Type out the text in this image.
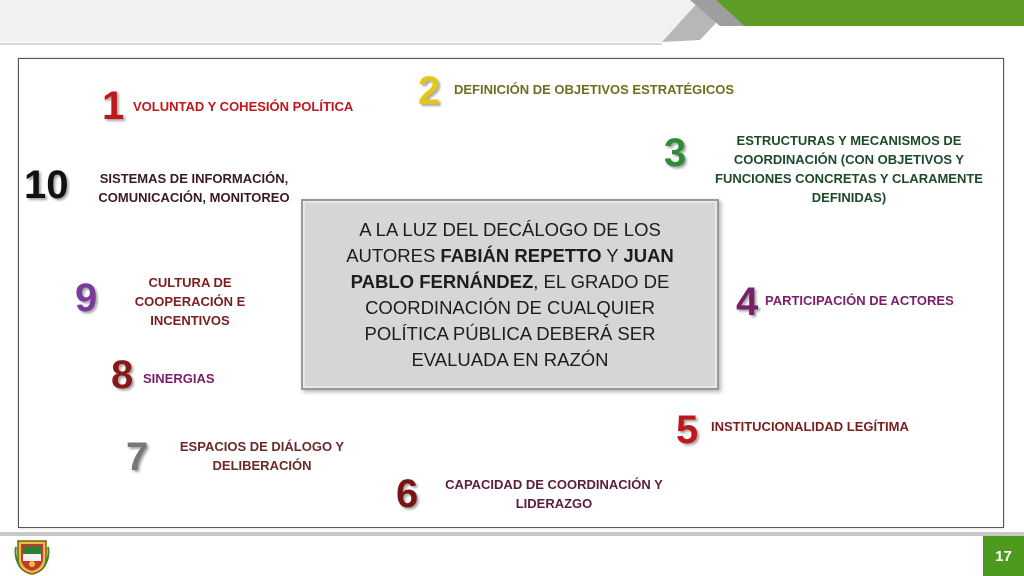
A LA LUZ DEL DECÁLOGO DE LOS AUTORES FABIÁN REPETTO Y JUAN PABLO FERNÁNDEZ, EL GRADO DE COORDINACIÓN DE CUALQUIER POLÍTICA PÚBLICA DEBERÁ SER EVALUADA EN RAZÓN
1 VOLUNTAD Y COHESIÓN POLÍTICA	2 DEFINICIÓN DE OBJETIVOS ESTRATÉGICOS
3	ESTRUCTURAS Y MECANISMOS DE COORDINACIÓN (CON OBJETIVOS Y FUNCIONES CONCRETAS Y CLARAMENTE DEFINIDAS)
4 PARTICIPACIÓN DE ACTORES
5 INSTITUCIONALIDAD LEGÍTIMA
6	CAPACIDAD DE COORDINACIÓN Y LIDERAZGO
7	ESPACIOS DE DIÁLOGO Y DELIBERACIÓN
8 SINERGIAS
9	CULTURA DE COOPERACIÓN E INCENTIVOS
10	SISTEMAS DE INFORMACIÓN, COMUNICACIÓN, MONITOREO
17
